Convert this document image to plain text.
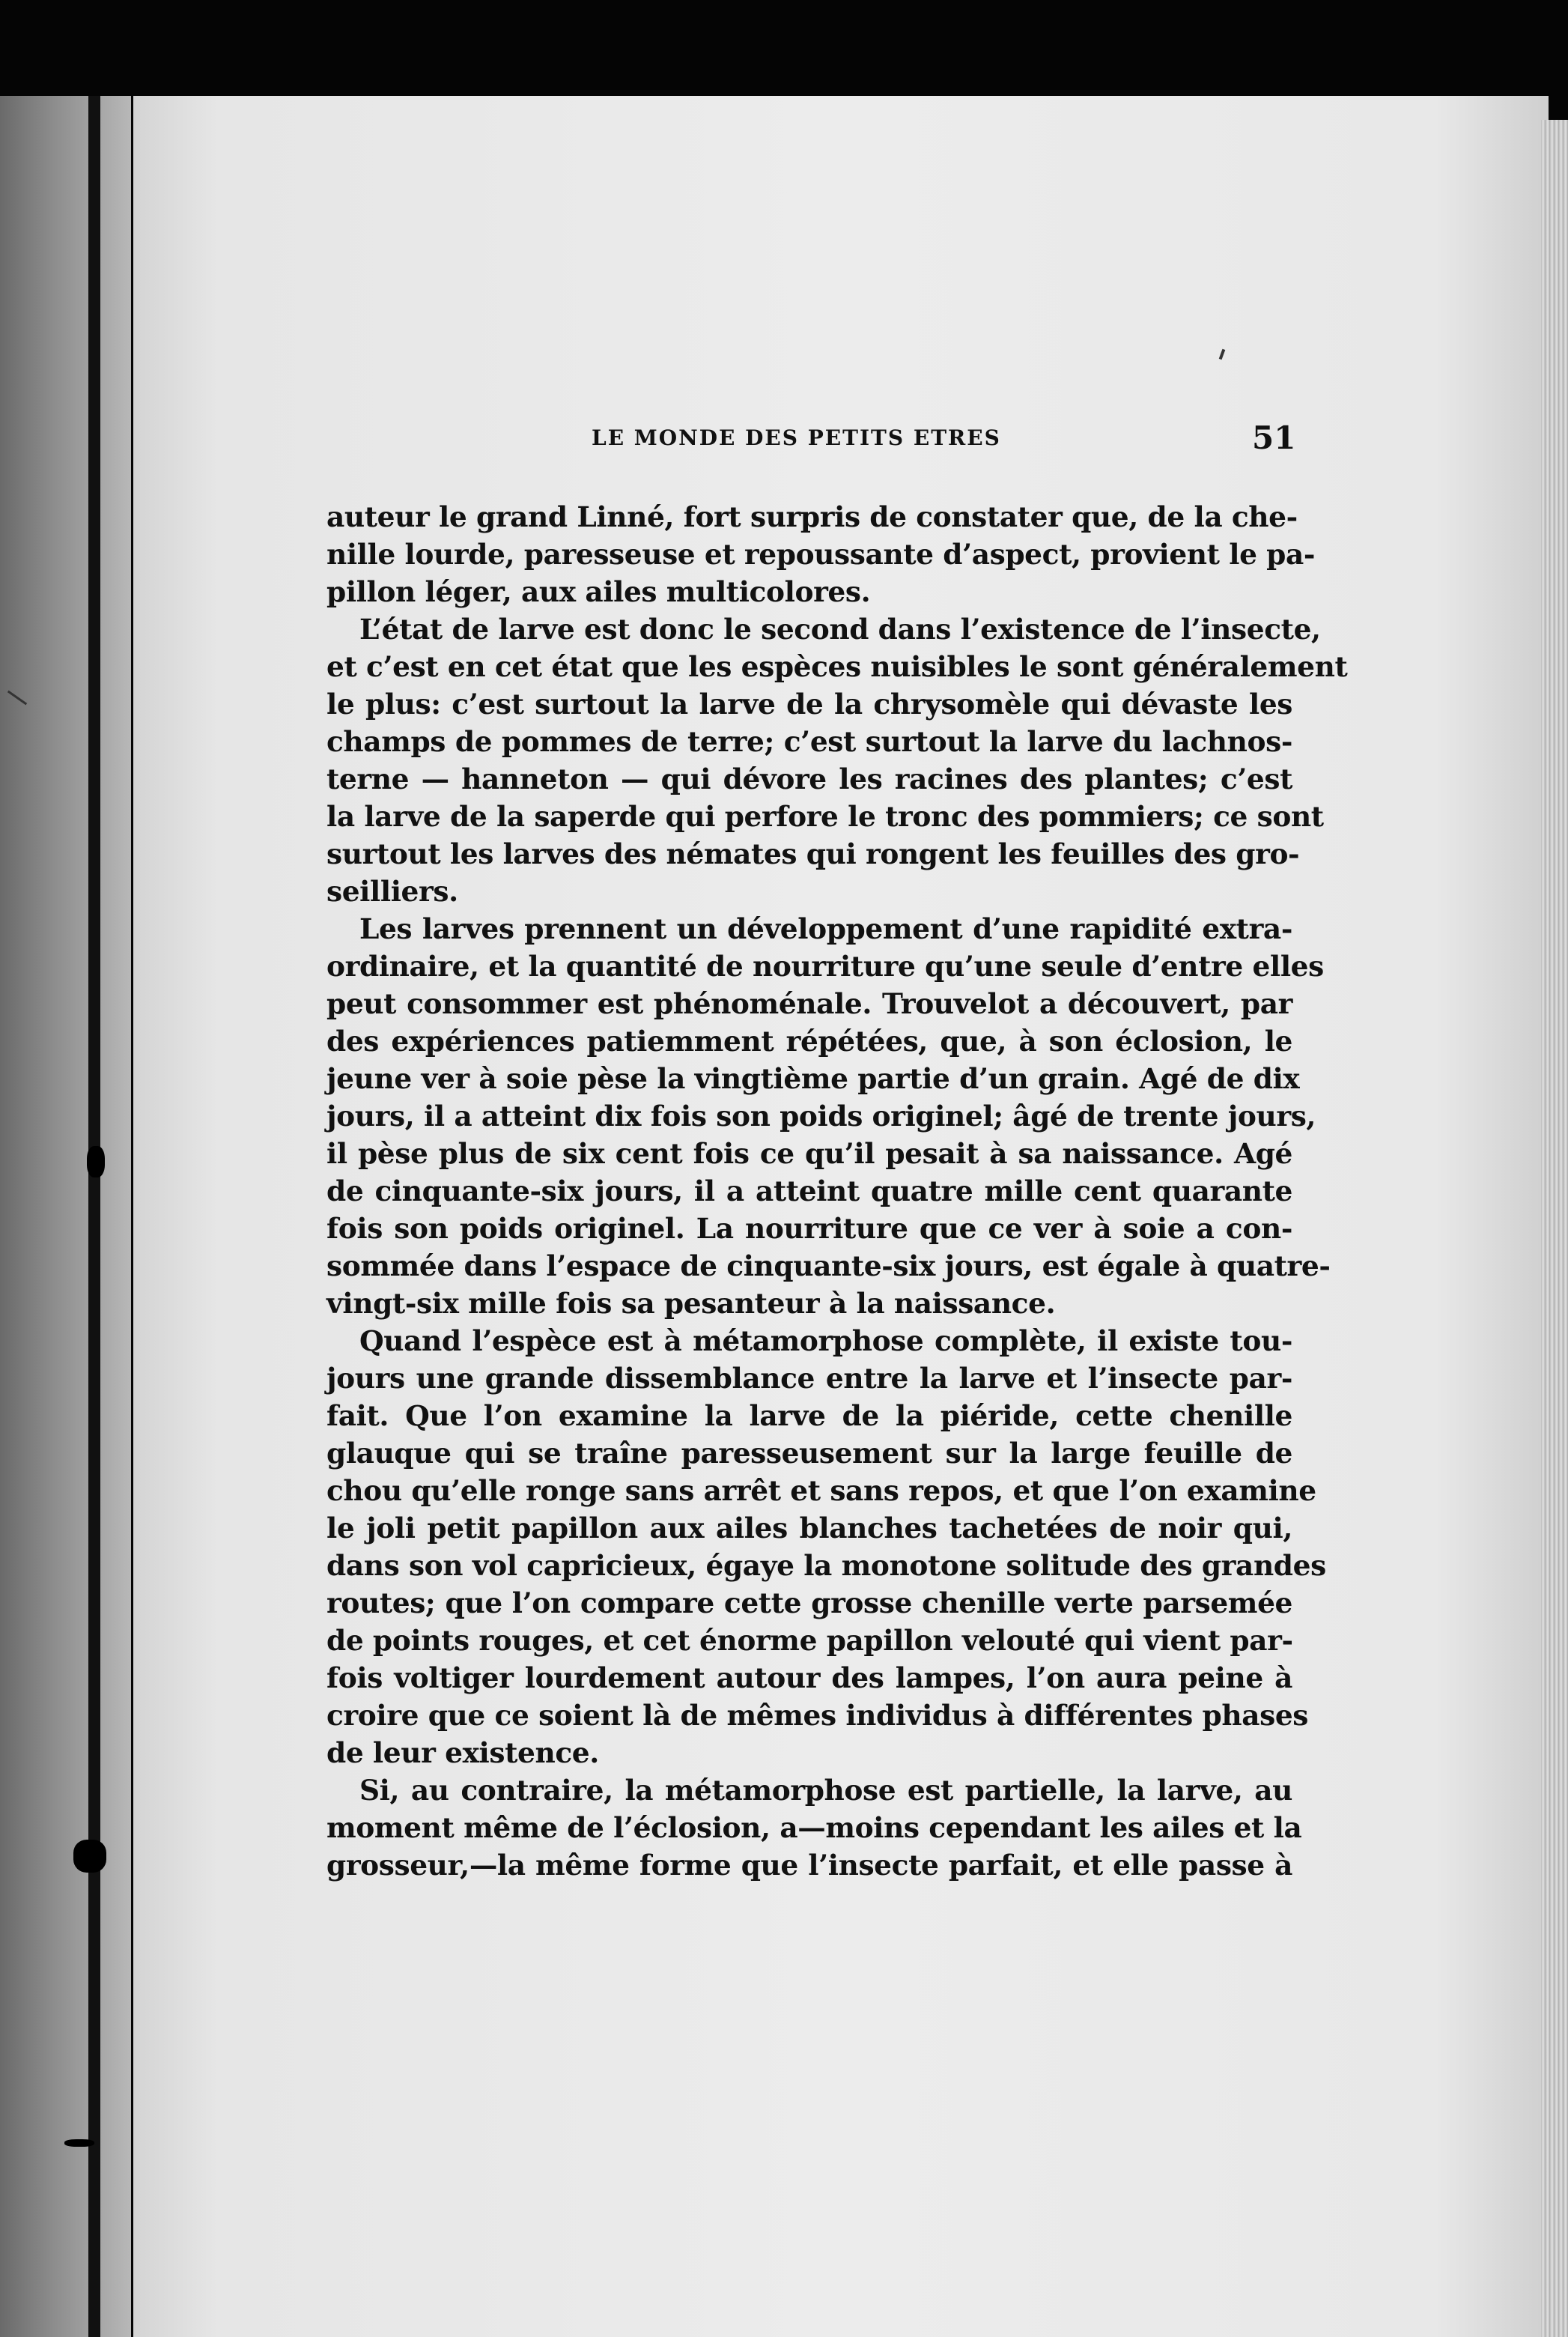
LE MONDE DES PETITS ETRES	51
auteur le grand Linné, fort surpris de constater que, de la che-
nille lourde, paresseuse et repoussante d’aspect, provient le pa-
pillon léger, aux ailes multicolores.
L’état de larve est donc le second dans l’existence de l’insecte,
et c’est en cet état que les espèces nuisibles le sont généralement
le plus: c’est surtout la larve de la chrysomèle qui dévaste les
champs de pommes de terre; c’est surtout la larve du lachnos-
terne — hanneton — qui dévore les racines des plantes; c’est
la larve de la saperde qui perfore le tronc des pommiers; ce sont
surtout les larves des némates qui rongent les feuilles des gro-
seilliers.
Les larves prennent un développement d’une rapidité extra-
ordinaire, et la quantité de nourriture qu’une seule d’entre elles
peut consommer est phénoménale. Trouvelot a découvert, par
des expériences patiemment répétées, que, à son éclosion, le
jeune ver à soie pèse la vingtième partie d’un grain. Agé de dix
jours, il a atteint dix fois son poids originel; âgé de trente jours,
il pèse plus de six cent fois ce qu’il pesait à sa naissance. Agé
de cinquante-six jours, il a atteint quatre mille cent quarante
fois son poids originel. La nourriture que ce ver à soie a con-
sommée dans l’espace de cinquante-six jours, est égale à quatre-
vingt-six mille fois sa pesanteur à la naissance.
Quand l’espèce est à métamorphose complète, il existe tou-
jours une grande dissemblance entre la larve et l’insecte par-
fait. Que l’on examine la larve de la piéride, cette chenille
glauque qui se traîne paresseusement sur la large feuille de
chou qu’elle ronge sans arrêt et sans repos, et que l’on examine
le joli petit papillon aux ailes blanches tachetées de noir qui,
dans son vol capricieux, égaye la monotone solitude des grandes
routes; que l’on compare cette grosse chenille verte parsemée
de points rouges, et cet énorme papillon velouté qui vient par-
fois voltiger lourdement autour des lampes, l’on aura peine à
croire que ce soient là de mêmes individus à différentes phases
de leur existence.
Si, au contraire, la métamorphose est partielle, la larve, au
moment même de l’éclosion, a—moins cependant les ailes et la
grosseur,—la même forme que l’insecte parfait, et elle passe à
